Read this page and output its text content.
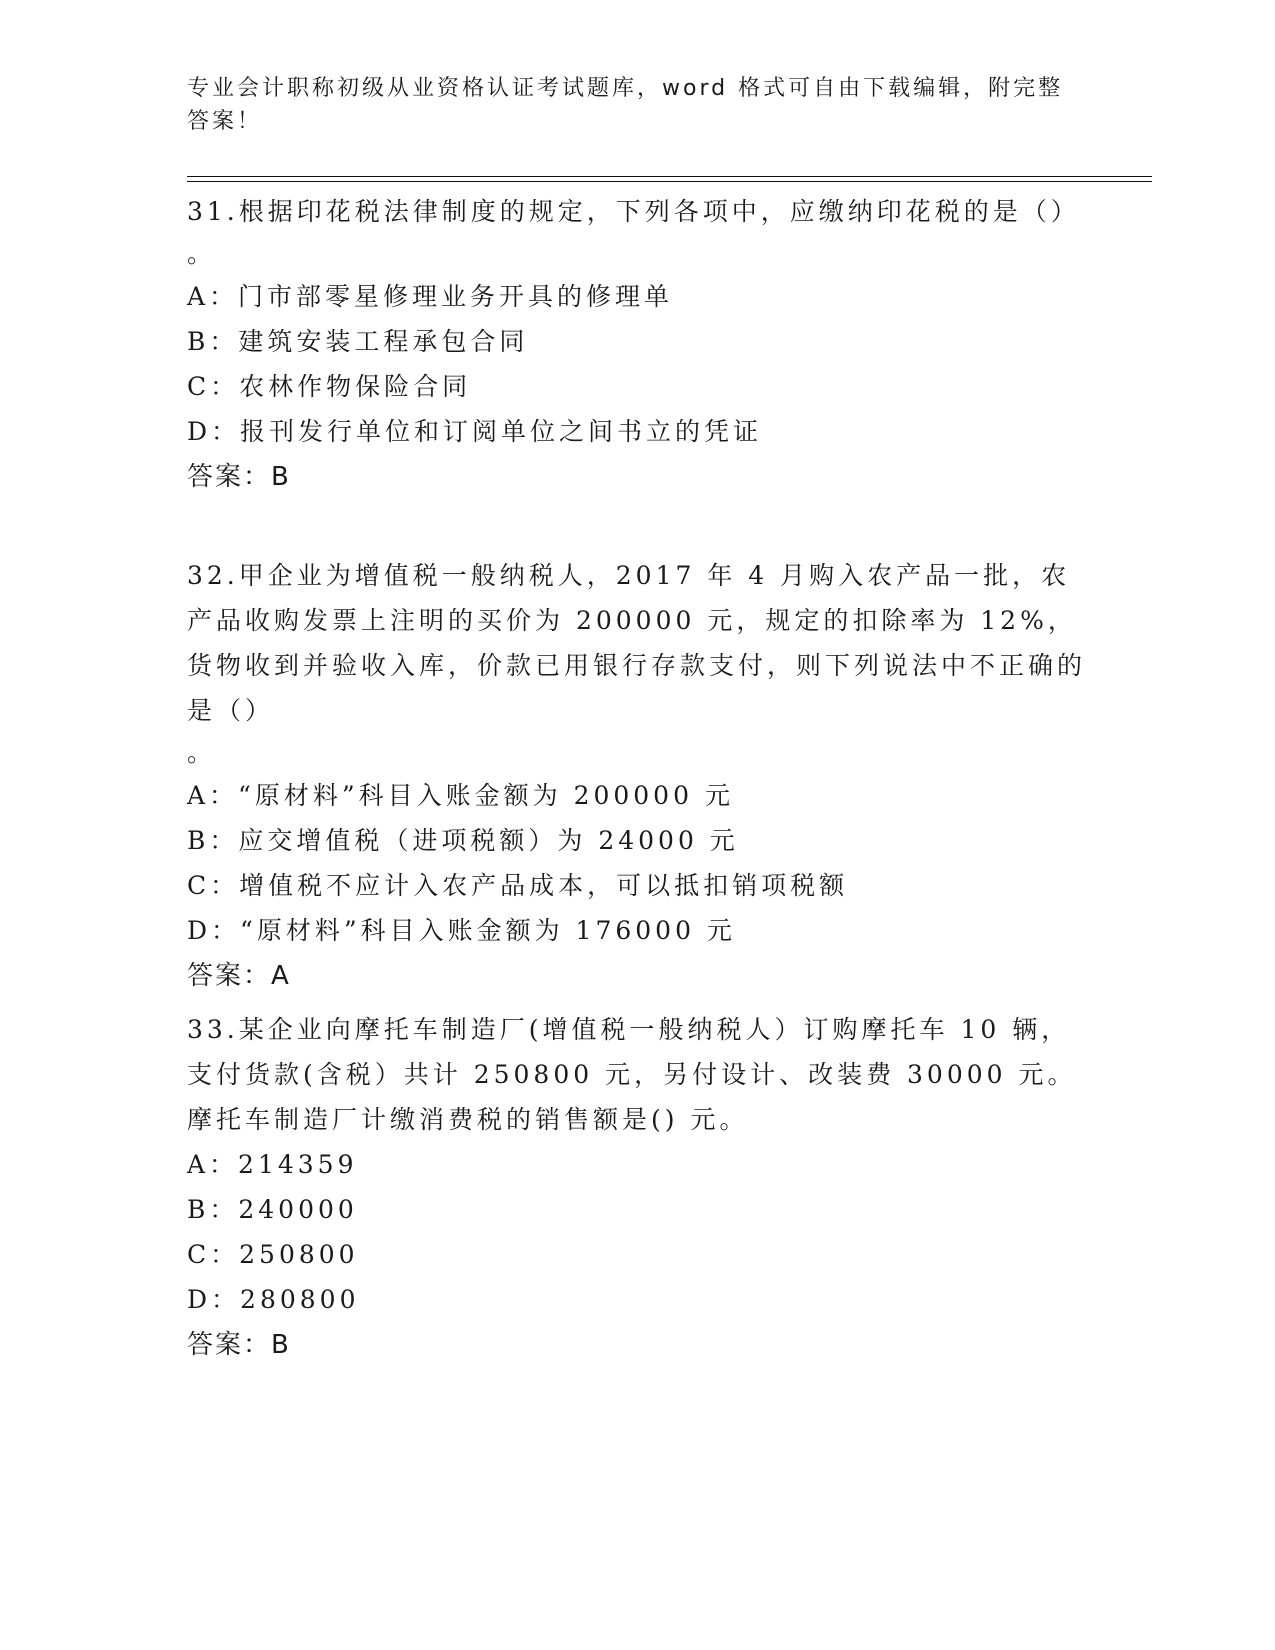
专业会计职称初级从业资格认证考试题库，word 格式可自由下载编辑，附完整答案！

31.根据印花税法律制度的规定，下列各项中，应缴纳印花税的是（）

。

A：门市部零星修理业务开具的修理单

B：建筑安装工程承包合同

C：农林作物保险合同

D：报刊发行单位和订阅单位之间书立的凭证

答案：B

32.甲企业为增值税一般纳税人，2017 年 4 月购入农产品一批，农产品收购发票上注明的买价为 200000 元，规定的扣除率为 12%，货物收到并验收入库，价款已用银行存款支付，则下列说法中不正确的是（）

。

A：“原材料”科目入账金额为 200000 元

B：应交增值税（进项税额）为 24000 元

C：增值税不应计入农产品成本，可以抵扣销项税额

D：“原材料”科目入账金额为 176000 元

答案：A

33.某企业向摩托车制造厂(增值税一般纳税人）订购摩托车 10 辆，支付货款(含税）共计 250800 元，另付设计、改装费 30000 元。摩托车制造厂计缴消费税的销售额是() 元。

A：214359

B：240000

C：250800

D：280800

答案：B
